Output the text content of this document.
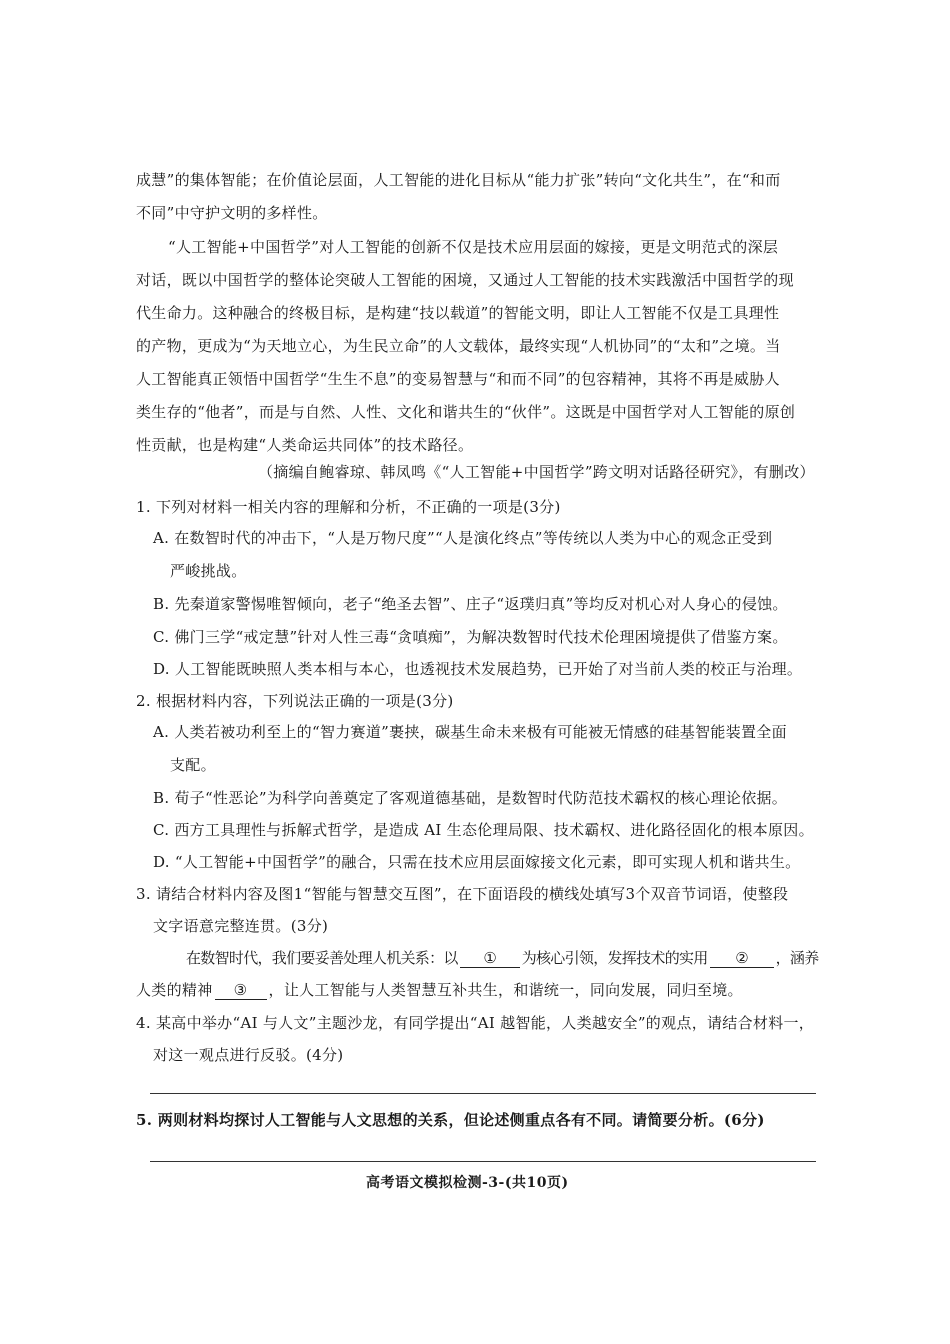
成慧”的集体智能；在价值论层面，人工智能的进化目标从“能力扩张”转向“文化共生”，在“和而
不同”中守护文明的多样性。
“人工智能+中国哲学”对人工智能的创新不仅是技术应用层面的嫁接，更是文明范式的深层
对话，既以中国哲学的整体论突破人工智能的困境，又通过人工智能的技术实践激活中国哲学的现
代生命力。这种融合的终极目标，是构建“技以载道”的智能文明，即让人工智能不仅是工具理性
的产物，更成为“为天地立心，为生民立命”的人文载体，最终实现“人机协同”的“太和”之境。当
人工智能真正领悟中国哲学“生生不息”的变易智慧与“和而不同”的包容精神，其将不再是威胁人
类生存的“他者”，而是与自然、人性、文化和谐共生的“伙伴”。这既是中国哲学对人工智能的原创
性贡献，也是构建“人类命运共同体”的技术路径。
（摘编自鲍睿琼、韩凤鸣《“人工智能+中国哲学”跨文明对话路径研究》，有删改）
1. 下列对材料一相关内容的理解和分析，不正确的一项是(3分)
A. 在数智时代的冲击下，“人是万物尺度”“人是演化终点”等传统以人类为中心的观念正受到
严峻挑战。
B. 先秦道家警惕唯智倾向，老子“绝圣去智”、庄子“返璞归真”等均反对机心对人身心的侵蚀。
C. 佛门三学“戒定慧”针对人性三毒“贪嗔痴”，为解决数智时代技术伦理困境提供了借鉴方案。
D. 人工智能既映照人类本相与本心，也透视技术发展趋势，已开始了对当前人类的校正与治理。
2. 根据材料内容，下列说法正确的一项是(3分)
A. 人类若被功利至上的“智力赛道”裹挟，碳基生命未来极有可能被无情感的硅基智能装置全面
支配。
B. 荀子“性恶论”为科学向善奠定了客观道德基础，是数智时代防范技术霸权的核心理论依据。
C. 西方工具理性与拆解式哲学，是造成 AI 生态伦理局限、技术霸权、进化路径固化的根本原因。
D. “人工智能+中国哲学”的融合，只需在技术应用层面嫁接文化元素，即可实现人机和谐共生。
3. 请结合材料内容及图1“智能与智慧交互图”，在下面语段的横线处填写3个双音节词语，使整段
文字语意完整连贯。(3分)
在数智时代，我们要妥善处理人机关系：以 ① 为核心引领，发挥技术的实用 ② ，涵养
人类的精神 ③ ，让人工智能与人类智慧互补共生，和谐统一，同向发展，同归至境。
4. 某高中举办“AI 与人文”主题沙龙，有同学提出“AI 越智能，人类越安全”的观点，请结合材料一，
对这一观点进行反驳。(4分)
5. 两则材料均探讨人工智能与人文思想的关系，但论述侧重点各有不同。请简要分析。(6分)
高考语文模拟检测-3-(共10页)
